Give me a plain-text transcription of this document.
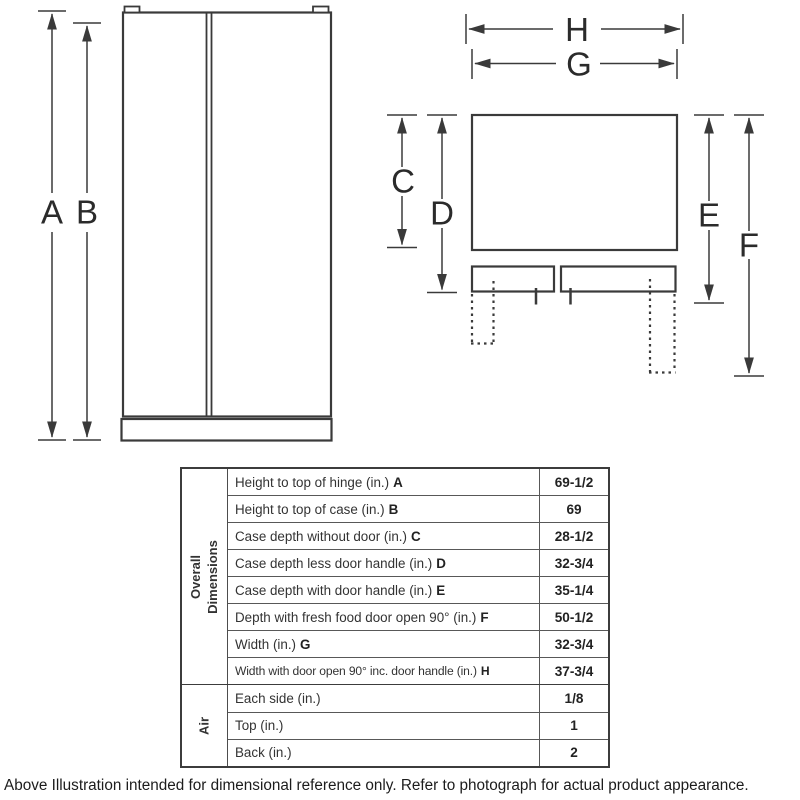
A B
H
G
C
D	E
F
Overall Dimensions
Height to top of hinge (in.) A	69-1/2
Height to top of case (in.) B	69
Case depth without door (in.) C	28-1/2
Case depth less door handle (in.) D	32-3/4
Case depth with door handle (in.) E	35-1/4
Depth with fresh food door open 90° (in.) F	50-1/2
Width (in.) G	32-3/4
Width with door open 90° inc. door handle (in.) H	37-3/4
Air
Each side (in.)	1/8
Top (in.)	1
Back (in.)	2
Above Illustration intended for dimensional reference only. Refer to photograph for actual product appearance.
